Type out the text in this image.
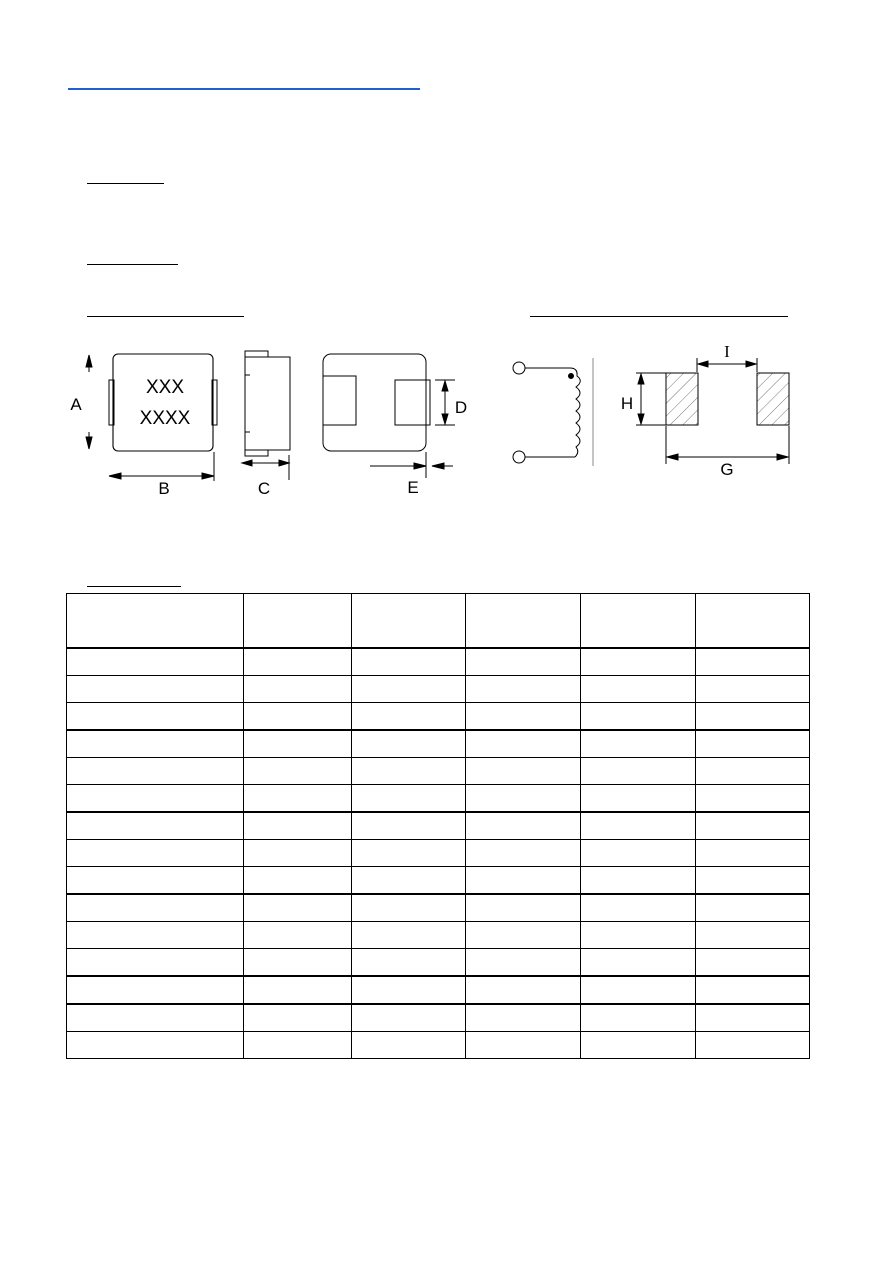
XXX
XXXX
A
B	C
D
E
G
H
I
